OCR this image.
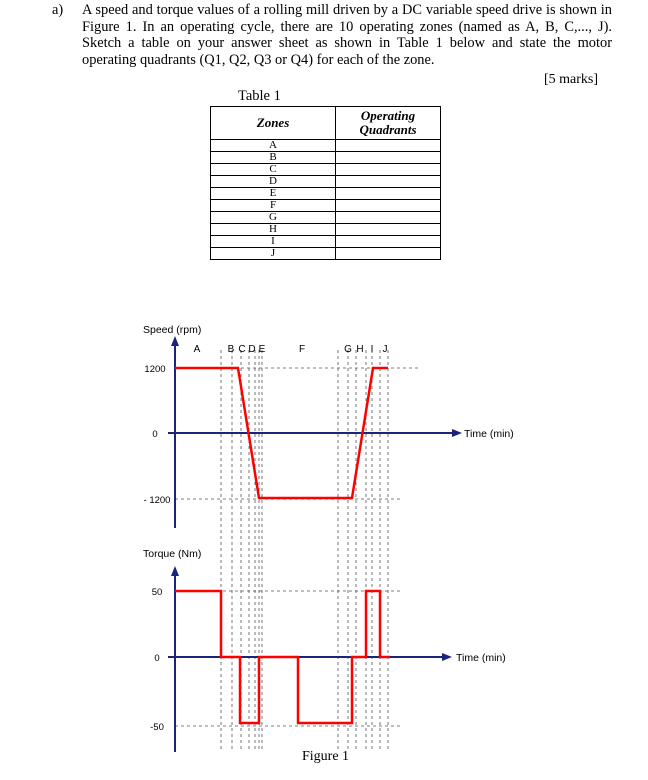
a) A speed and torque values of a rolling mill driven by a DC variable speed drive is shown in Figure 1. In an operating cycle, there are 10 operating zones (named as A, B, C,..., J). Sketch a table on your answer sheet as shown in Table 1 below and state the motor operating quadrants (Q1, Q2, Q3 or Q4) for each of the zone.
[5 marks]
Table 1
Zones	Operating
Quadrants
A	
B	
C	
D	
E	
F	
G	
H	
I	
J	
Speed (rpm)
Time (min)
Torque (Nm)
Time (min)
1200
0
- 1200
50
0
-50
A	B C D E	F	G H I J
Figure 1
